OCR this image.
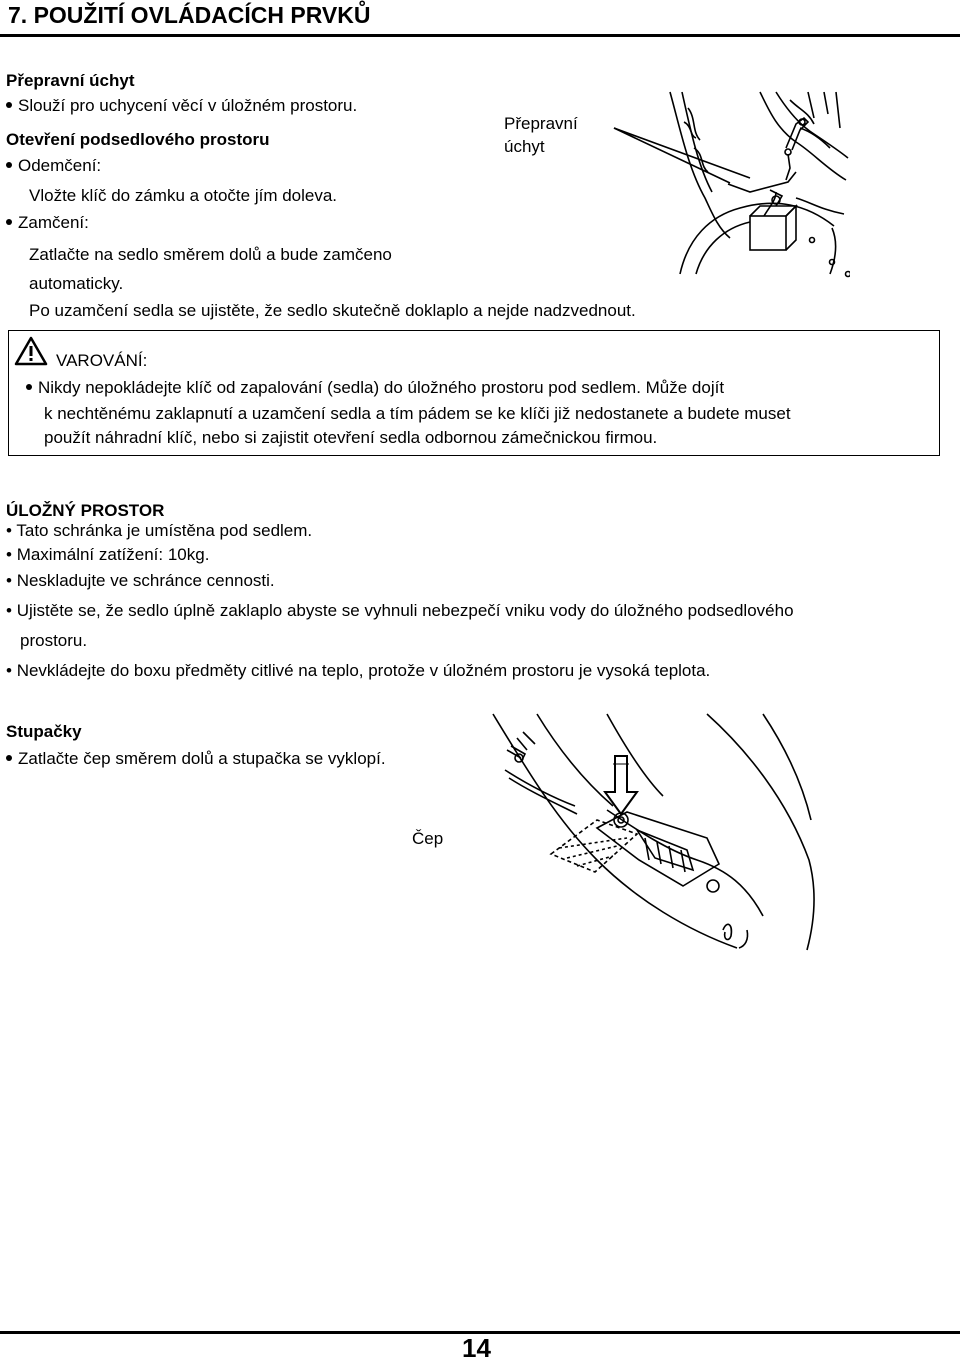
7. POUŽITÍ OVLÁDACÍCH PRVKŮ
Přepravní úchyt
Slouží pro uchycení věcí v úložném prostoru.
Otevření podsedlového prostoru
Odemčení:
Vložte klíč do zámku a otočte jím doleva.
Zamčení:
Zatlačte na sedlo směrem dolů a bude zamčeno
automaticky.
Po uzamčení sedla se ujistěte, že sedlo skutečně doklaplo a nejde nadzvednout.
Přepravní
úchyt
VAROVÁNÍ:
Nikdy nepokládejte klíč od zapalování (sedla) do úložného prostoru pod sedlem. Může dojít
k nechtěnému zaklapnutí a uzamčení sedla a tím pádem se ke klíči již nedostanete a budete muset
použít náhradní klíč, nebo si zajistit otevření sedla odbornou zámečnickou firmou.
ÚLOŽNÝ PROSTOR
• Tato schránka je umístěna pod sedlem.
• Maximální zatížení: 10kg.
• Neskladujte ve schránce cennosti.
• Ujistěte se, že sedlo úplně zaklaplo abyste se vyhnuli nebezpečí vniku vody do úložného podsedlového
prostoru.
• Nevkládejte do boxu předměty citlivé na teplo, protože v úložném prostoru je vysoká teplota.
Stupačky
Zatlačte čep směrem dolů a stupačka se vyklopí.
Čep
14
